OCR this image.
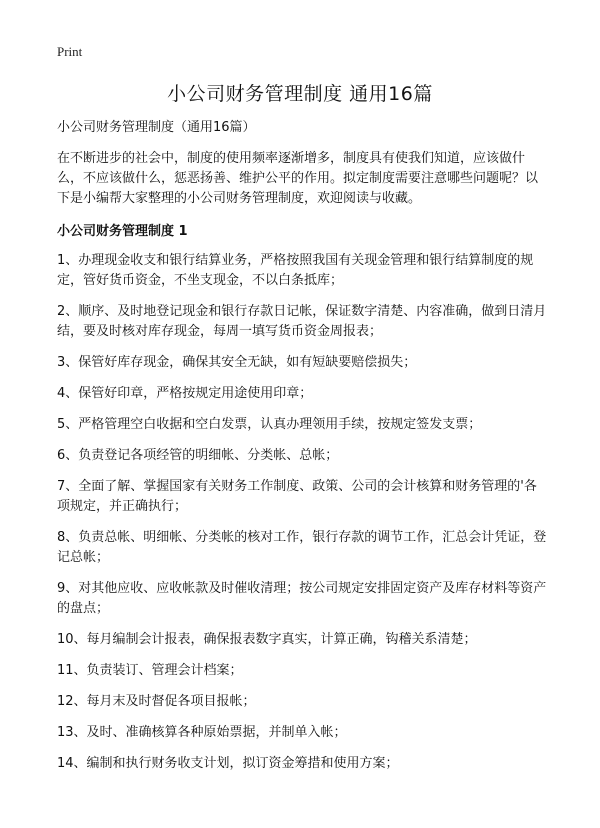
Print
小公司财务管理制度 通用16篇

小公司财务管理制度（通用16篇）

在不断进步的社会中，制度的使用频率逐渐增多，制度具有使我们知道，应该做什么，不应该做什么，惩恶扬善、维护公平的作用。拟定制度需要注意哪些问题呢？以下是小编帮大家整理的小公司财务管理制度，欢迎阅读与收藏。

小公司财务管理制度 1

1、办理现金收支和银行结算业务，严格按照我国有关现金管理和银行结算制度的规定，管好货币资金，不坐支现金，不以白条抵库；

2、顺序、及时地登记现金和银行存款日记帐，保证数字清楚、内容准确，做到日清月结，要及时核对库存现金，每周一填写货币资金周报表；

3、保管好库存现金，确保其安全无缺，如有短缺要赔偿损失；

4、保管好印章，严格按规定用途使用印章；

5、严格管理空白收据和空白发票，认真办理领用手续，按规定签发支票；

6、负责登记各项经管的明细帐、分类帐、总帐；

7、全面了解、掌握国家有关财务工作制度、政策、公司的会计核算和财务管理的'各项规定，并正确执行；

8、负责总帐、明细帐、分类帐的核对工作，银行存款的调节工作，汇总会计凭证，登记总帐；

9、对其他应收、应收帐款及时催收清理；按公司规定安排固定资产及库存材料等资产的盘点；

10、每月编制会计报表，确保报表数字真实，计算正确，钩稽关系清楚；

11、负责装订、管理会计档案；

12、每月末及时督促各项目报帐；

13、及时、准确核算各种原始票据，并制单入帐；

14、编制和执行财务收支计划，拟订资金筹措和使用方案；
